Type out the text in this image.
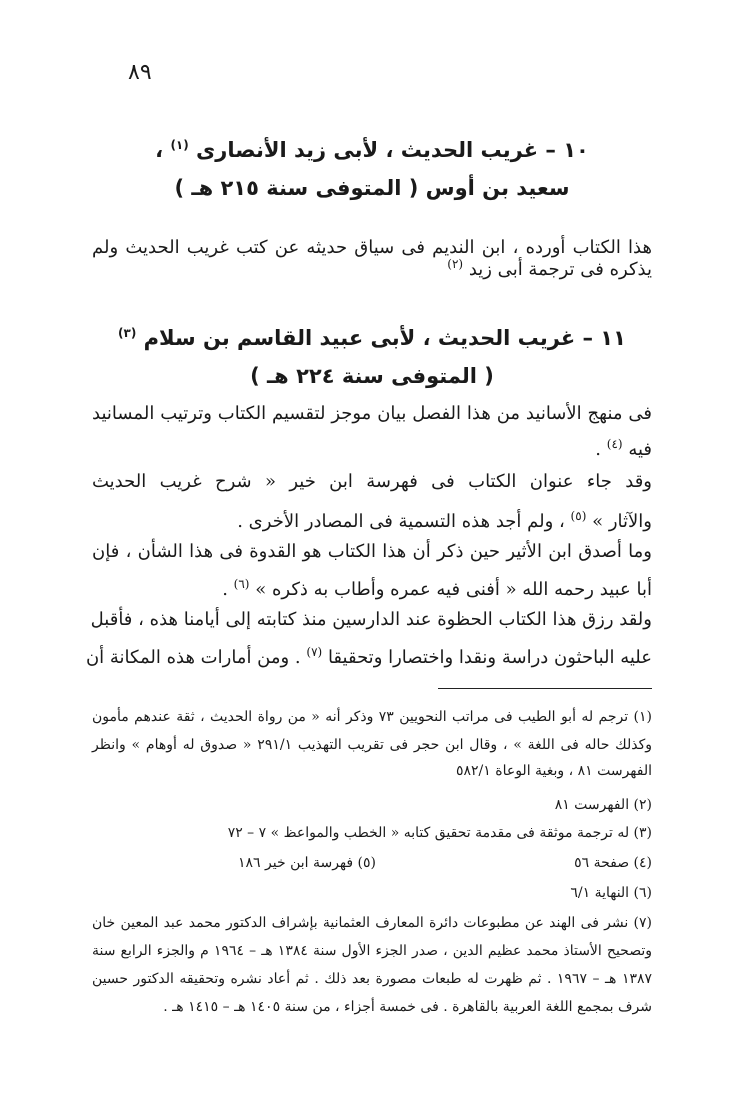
٨٩
١٠ – غريب الحديث ، لأبى زيد الأنصارى $^{(١)}$ ،
سعيد بن أوس ( المتوفى سنة ٢١٥ هـ )
هذا الكتاب أورده ، ابن النديم فى سياق حديثه عن كتب غريب الحديث ولم
يذكره فى ترجمة أبى زيد $^{(٢)}$
١١ – غريب الحديث ، لأبى عبيد القاسم بن سلام $^{(٣)}$
( المتوفى سنة ٢٢٤ هـ )
فى منهج الأسانيد من هذا الفصل بيان موجز لتقسيم الكتاب وترتيب المسانيد
فيه $^{(٤)}$ .
وقد جاء عنوان الكتاب فى فهرسة ابن خير « شرح غريب الحديث
والآثار » $^{(٥)}$ ، ولم أجد هذه التسمية فى المصادر الأخرى .
وما أصدق ابن الأثير حين ذكر أن هذا الكتاب هو القدوة فى هذا الشأن ، فإن
أبا عبيد رحمه الله « أفنى فيه عمره وأطاب به ذكره » $^{(٦)}$ .
ولقد رزق هذا الكتاب الحظوة عند الدارسين منذ كتابته إلى أيامنا هذه ، فأقبل
عليه الباحثون دراسة ونقدا واختصارا وتحقيقا $^{(٧)}$ . ومن أمارات هذه المكانة أن
(١) ترجم له أبو الطيب فى مراتب النحويين ٧٣ وذكر أنه « من رواة الحديث ، ثقة عندهم مأمون
وكذلك حاله فى اللغة » ، وقال ابن حجر فى تقريب التهذيب ٢٩١/١ « صدوق له أوهام » وانظر
الفهرست ٨١ ، وبغية الوعاة ٥٨٢/١
(٢) الفهرست ٨١
(٣) له ترجمة موثقة فى مقدمة تحقيق كتابه « الخطب والمواعظ » ٧ – ٧٢
(٤) صفحة ٥٦
(٥) فهرسة ابن خير ١٨٦
(٦) النهاية ٦/١
(٧) نشر فى الهند عن مطبوعات دائرة المعارف العثمانية بإشراف الدكتور محمد عبد المعين خان
وتصحيح الأستاذ محمد عظيم الدين ، صدر الجزء الأول سنة ١٣٨٤ هـ – ١٩٦٤ م والجزء الرابع سنة
١٣٨٧ هـ – ١٩٦٧ . ثم ظهرت له طبعات مصورة بعد ذلك . ثم أعاد نشره وتحقيقه الدكتور حسين
شرف بمجمع اللغة العربية بالقاهرة . فى خمسة أجزاء ، من سنة ١٤٠٥ هـ – ١٤١٥ هـ .
